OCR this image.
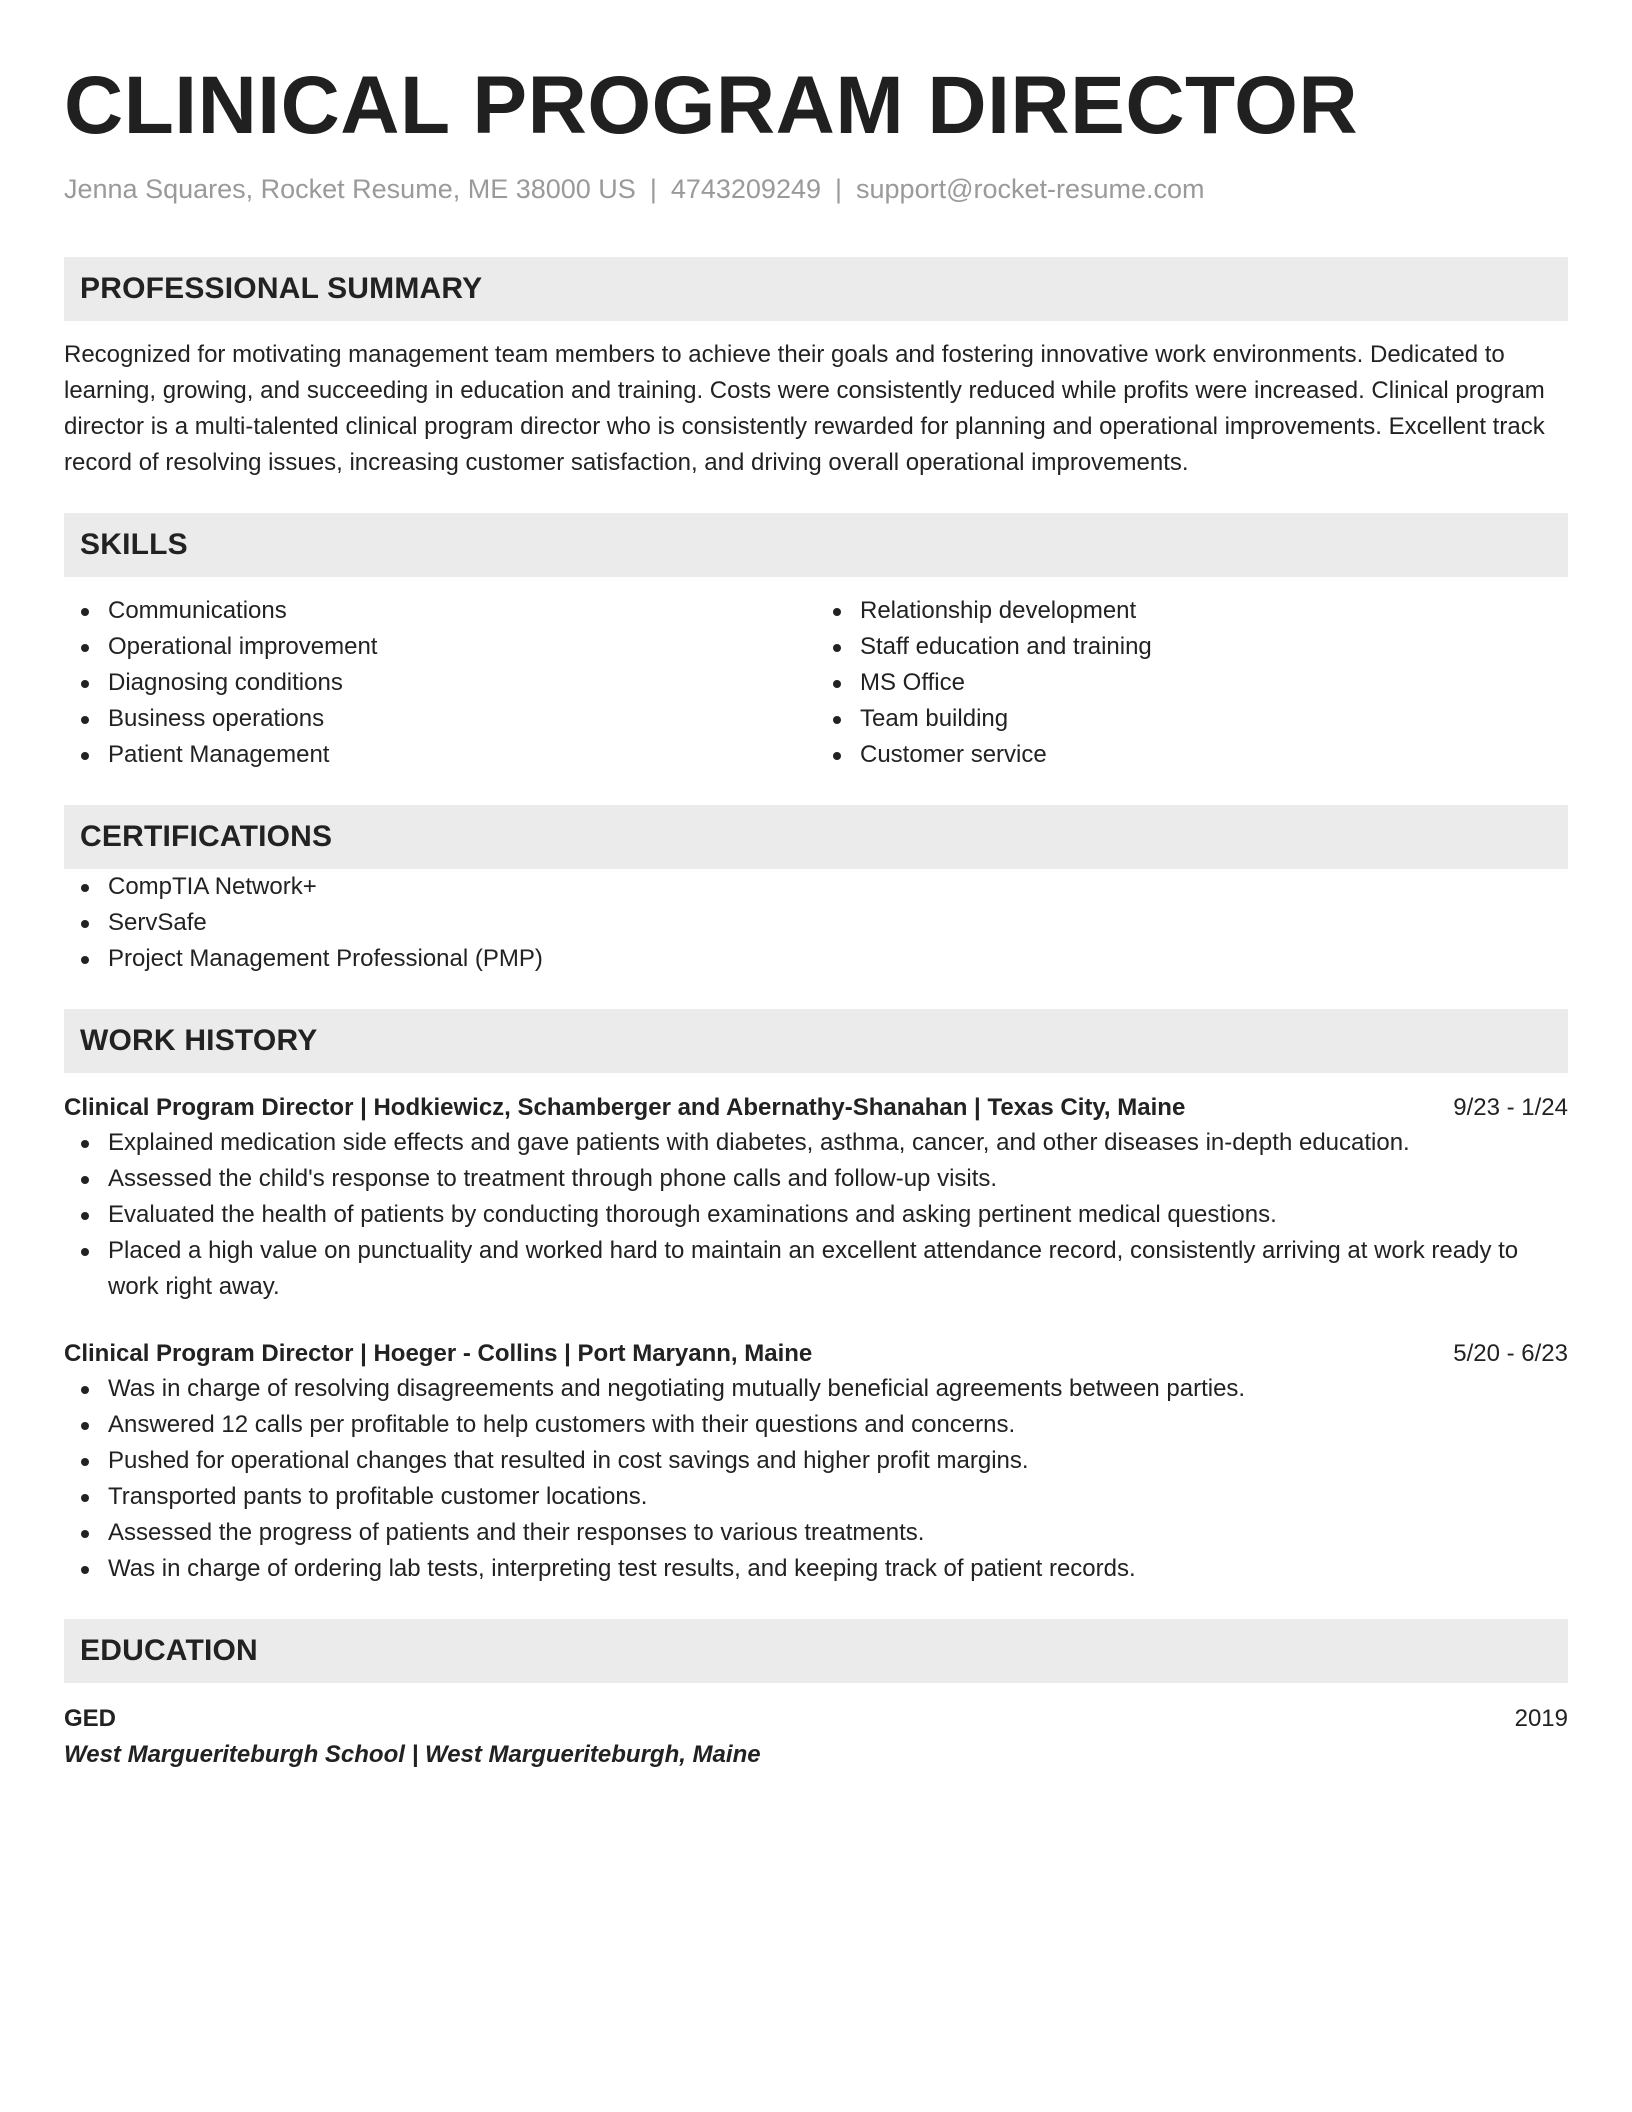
CLINICAL PROGRAM DIRECTOR
Jenna Squares, Rocket Resume, ME 38000 US | 4743209249 | support@rocket-resume.com
PROFESSIONAL SUMMARY
Recognized for motivating management team members to achieve their goals and fostering innovative work environments. Dedicated to learning, growing, and succeeding in education and training. Costs were consistently reduced while profits were increased. Clinical program director is a multi-talented clinical program director who is consistently rewarded for planning and operational improvements. Excellent track record of resolving issues, increasing customer satisfaction, and driving overall operational improvements.
SKILLS
Communications
Operational improvement
Diagnosing conditions
Business operations
Patient Management
Relationship development
Staff education and training
MS Office
Team building
Customer service
CERTIFICATIONS
CompTIA Network+
ServSafe
Project Management Professional (PMP)
WORK HISTORY
Clinical Program Director | Hodkiewicz, Schamberger and Abernathy-Shanahan | Texas City, Maine	9/23 - 1/24
Explained medication side effects and gave patients with diabetes, asthma, cancer, and other diseases in-depth education.
Assessed the child's response to treatment through phone calls and follow-up visits.
Evaluated the health of patients by conducting thorough examinations and asking pertinent medical questions.
Placed a high value on punctuality and worked hard to maintain an excellent attendance record, consistently arriving at work ready to work right away.
Clinical Program Director | Hoeger - Collins | Port Maryann, Maine	5/20 - 6/23
Was in charge of resolving disagreements and negotiating mutually beneficial agreements between parties.
Answered 12 calls per profitable to help customers with their questions and concerns.
Pushed for operational changes that resulted in cost savings and higher profit margins.
Transported pants to profitable customer locations.
Assessed the progress of patients and their responses to various treatments.
Was in charge of ordering lab tests, interpreting test results, and keeping track of patient records.
EDUCATION
GED	2019
West Margueriteburgh School | West Margueriteburgh, Maine
